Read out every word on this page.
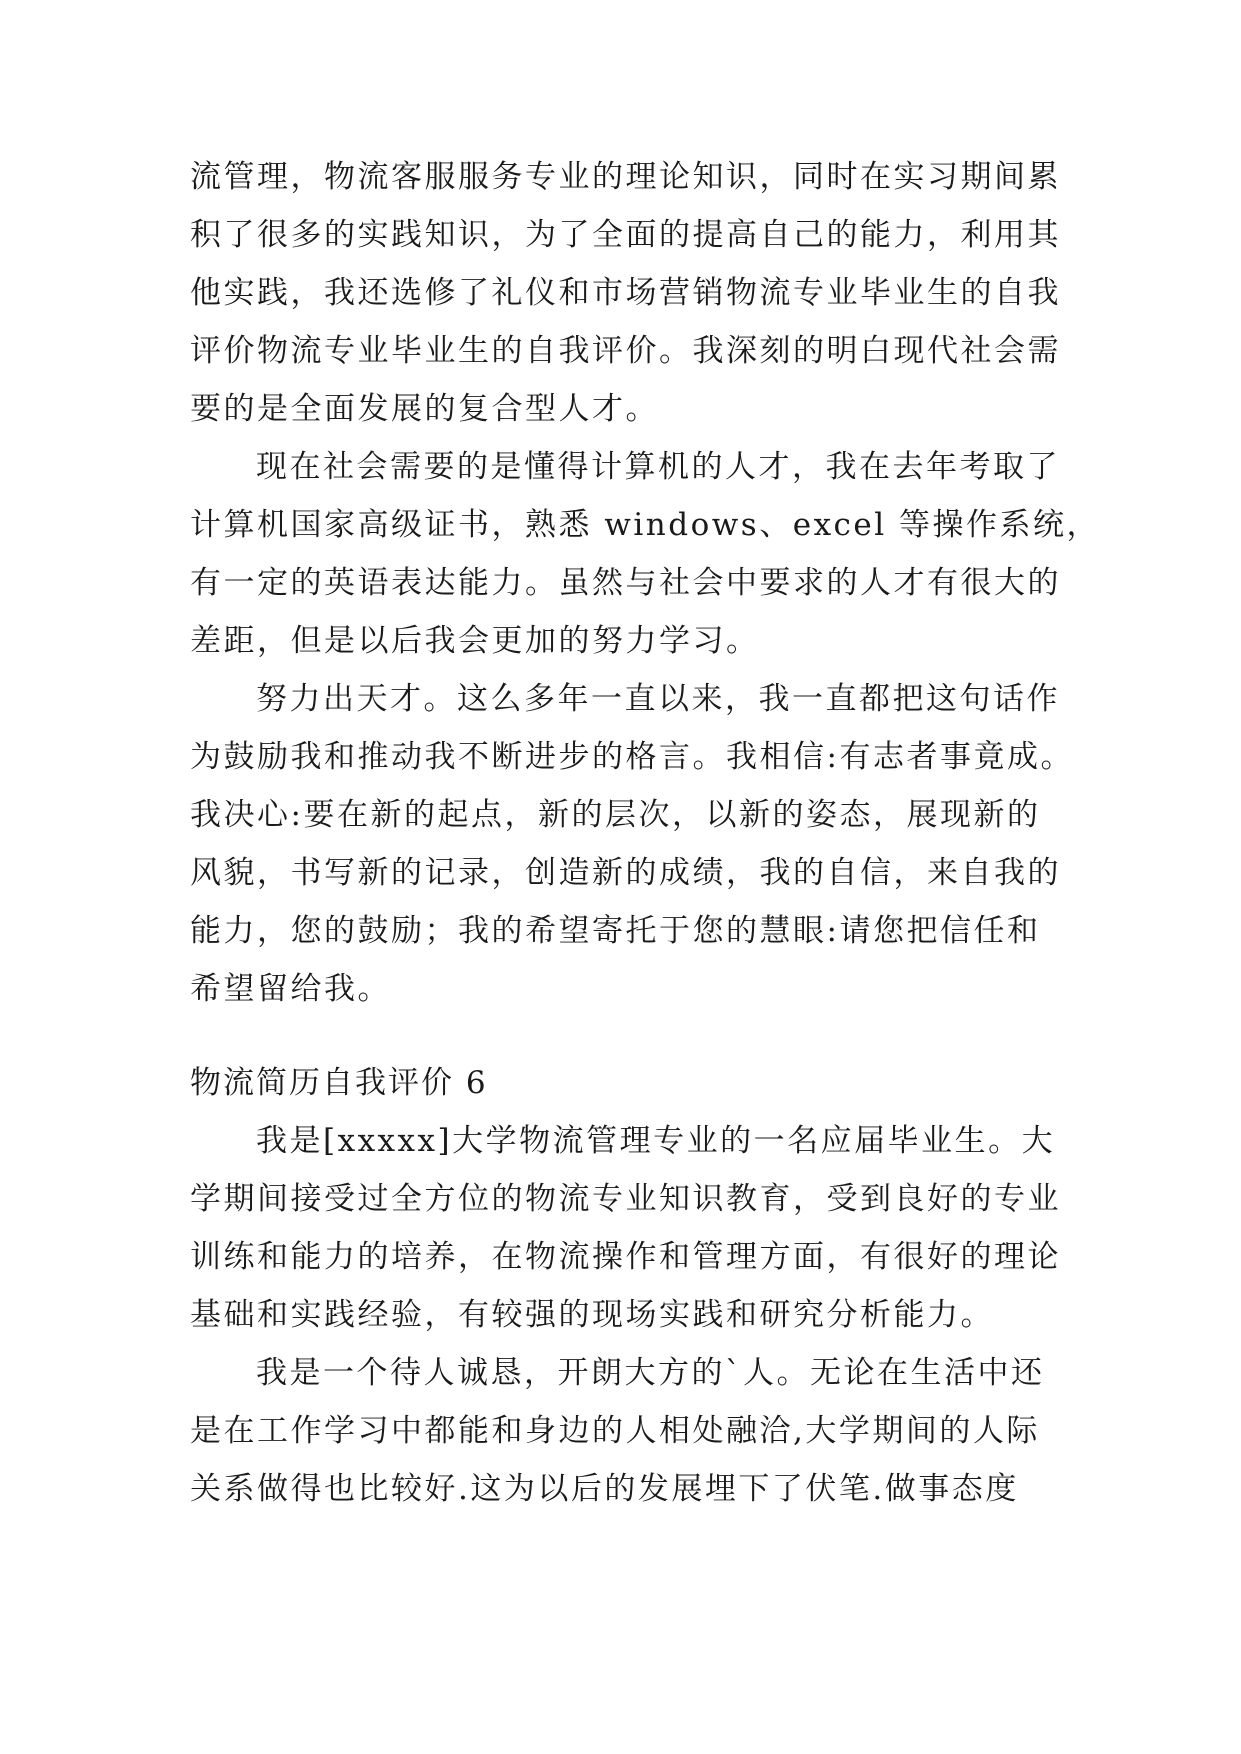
流管理，物流客服服务专业的理论知识，同时在实习期间累
积了很多的实践知识，为了全面的提高自己的能力，利用其
他实践，我还选修了礼仪和市场营销物流专业毕业生的自我
评价物流专业毕业生的自我评价。我深刻的明白现代社会需
要的是全面发展的复合型人才。
现在社会需要的是懂得计算机的人才，我在去年考取了
计算机国家高级证书，熟悉 windows、excel 等操作系统，
有一定的英语表达能力。虽然与社会中要求的人才有很大的
差距，但是以后我会更加的努力学习。
努力出天才。这么多年一直以来，我一直都把这句话作
为鼓励我和推动我不断进步的格言。我相信:有志者事竟成。
我决心:要在新的起点，新的层次，以新的姿态，展现新的
风貌，书写新的记录，创造新的成绩，我的自信，来自我的
能力，您的鼓励；我的希望寄托于您的慧眼:请您把信任和
希望留给我。
物流简历自我评价 6
我是[xxxxx]大学物流管理专业的一名应届毕业生。大
学期间接受过全方位的物流专业知识教育，受到良好的专业
训练和能力的培养，在物流操作和管理方面，有很好的理论
基础和实践经验，有较强的现场实践和研究分析能力。
我是一个待人诚恳，开朗大方的`人。无论在生活中还
是在工作学习中都能和身边的人相处融洽,大学期间的人际
关系做得也比较好.这为以后的发展埋下了伏笔.做事态度
